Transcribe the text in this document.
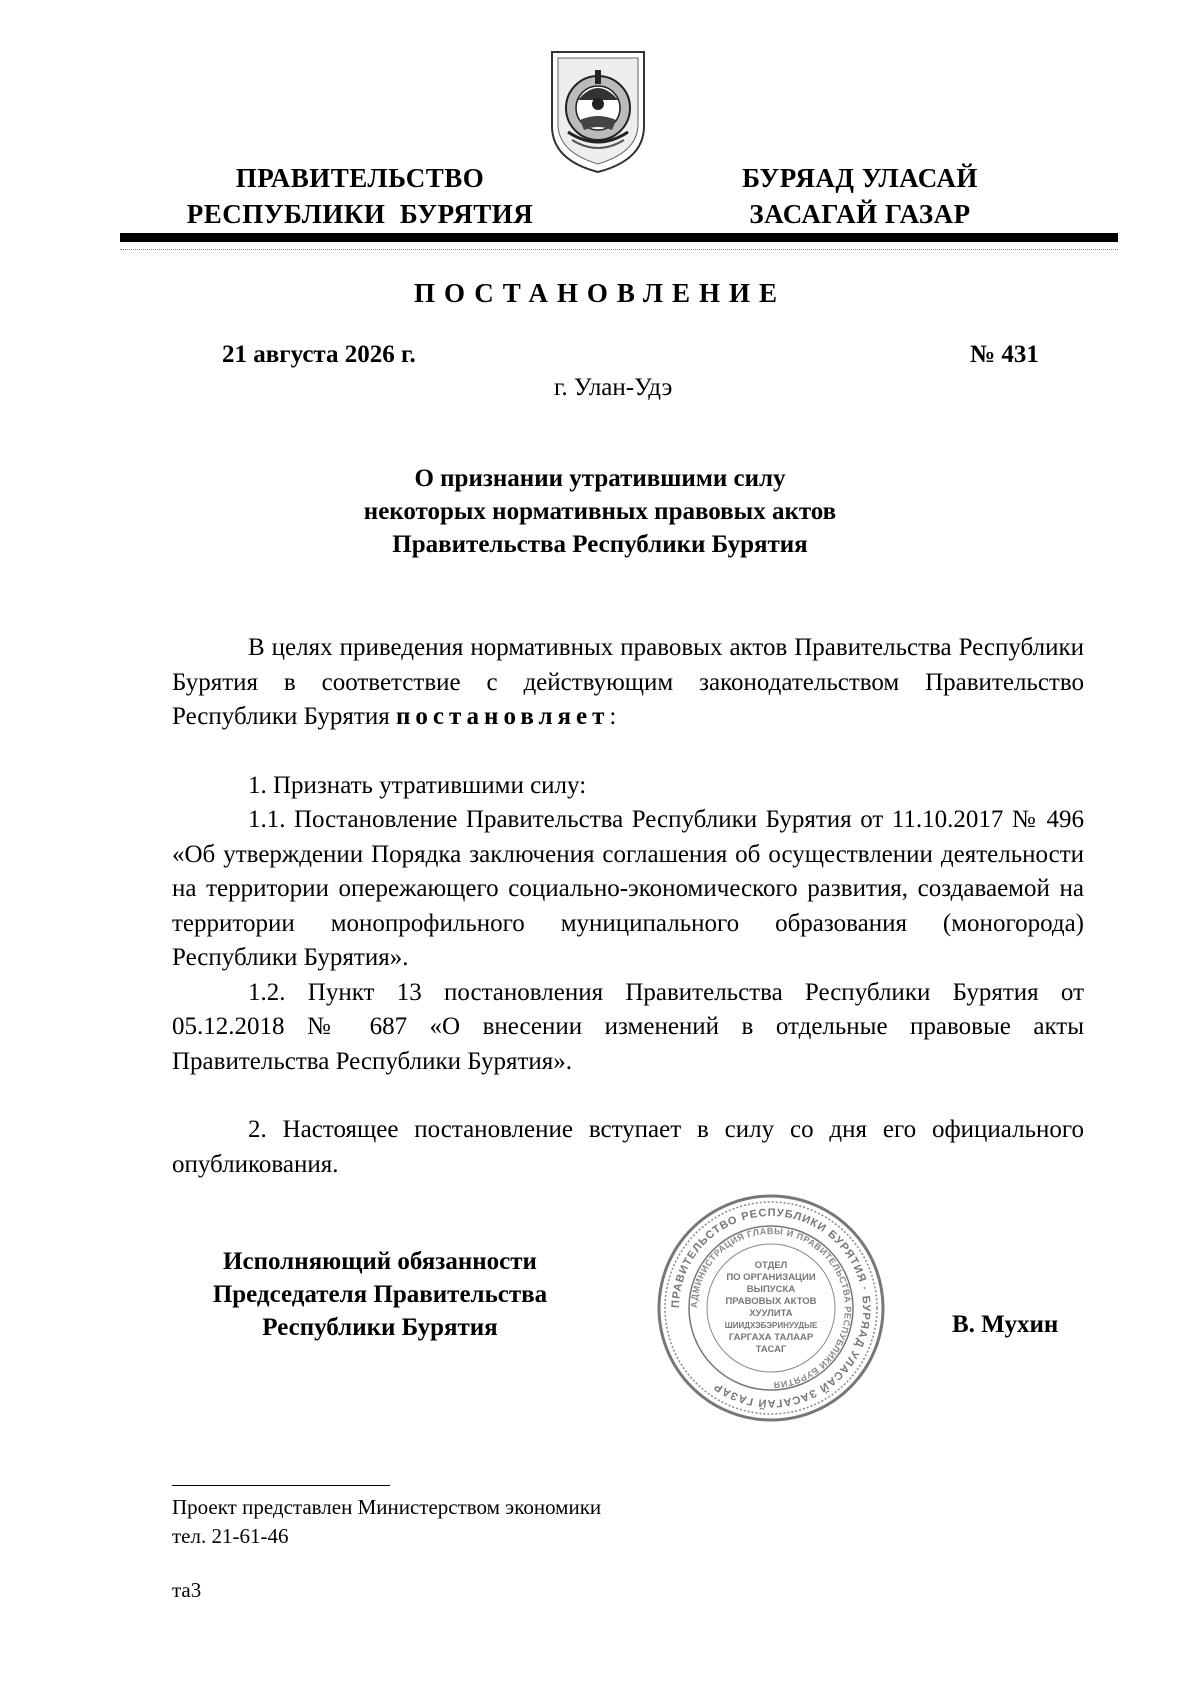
ПРАВИТЕЛЬСТВО
РЕСПУБЛИКИ  БУРЯТИЯ
БУРЯАД УЛАСАЙ
ЗАСАГАЙ ГАЗАР
ПОСТАНОВЛЕНИЕ
21 августа 2026 г.	№ 431
г. Улан-Удэ
О признании утратившими силу
некоторых нормативных правовых актов
Правительства Республики Бурятия

В целях приведения нормативных правовых актов Правительства Республики Бурятия в соответствие с действующим законодательством Правительство Республики Бурятия постановляет:

1. Признать утратившими силу:

1.1. Постановление Правительства Республики Бурятия от 11.10.2017 № 496 «Об утверждении Порядка заключения соглашения об осуществлении деятельности на территории опережающего социально-экономического развития, создаваемой на территории монопрофильного муниципального образования (моногорода) Республики Бурятия».

1.2. Пункт 13 постановления Правительства Республики Бурятия от 05.12.2018 № 687 «О внесении изменений в отдельные правовые акты Правительства Республики Бурятия».

2. Настоящее постановление вступает в силу со дня его официального опубликования.

Исполняющий обязанности
Председателя Правительства
Республики Бурятия	В. Мухин
ПРАВИТЕЛЬСТВО РЕСПУБЛИКИ БУРЯТИЯ · БУРЯАД УЛАСАЙ ЗАСАГАЙ ГАЗАР
АДМИНИСТРАЦИЯ ГЛАВЫ И ПРАВИТЕЛЬСТВА РЕСПУБЛИКИ БУРЯТИЯ
ОТДЕЛ
ПО ОРГАНИЗАЦИИ
ВЫПУСКА
ПРАВОВЫХ АКТОВ
ХУУЛИТА
ШИИДХЭБЭРИНУУДЫЕ
ГАРГАХА ТАЛААР
ТАСАГ
Проект представлен Министерством экономики
тел. 21-61-46
та3
